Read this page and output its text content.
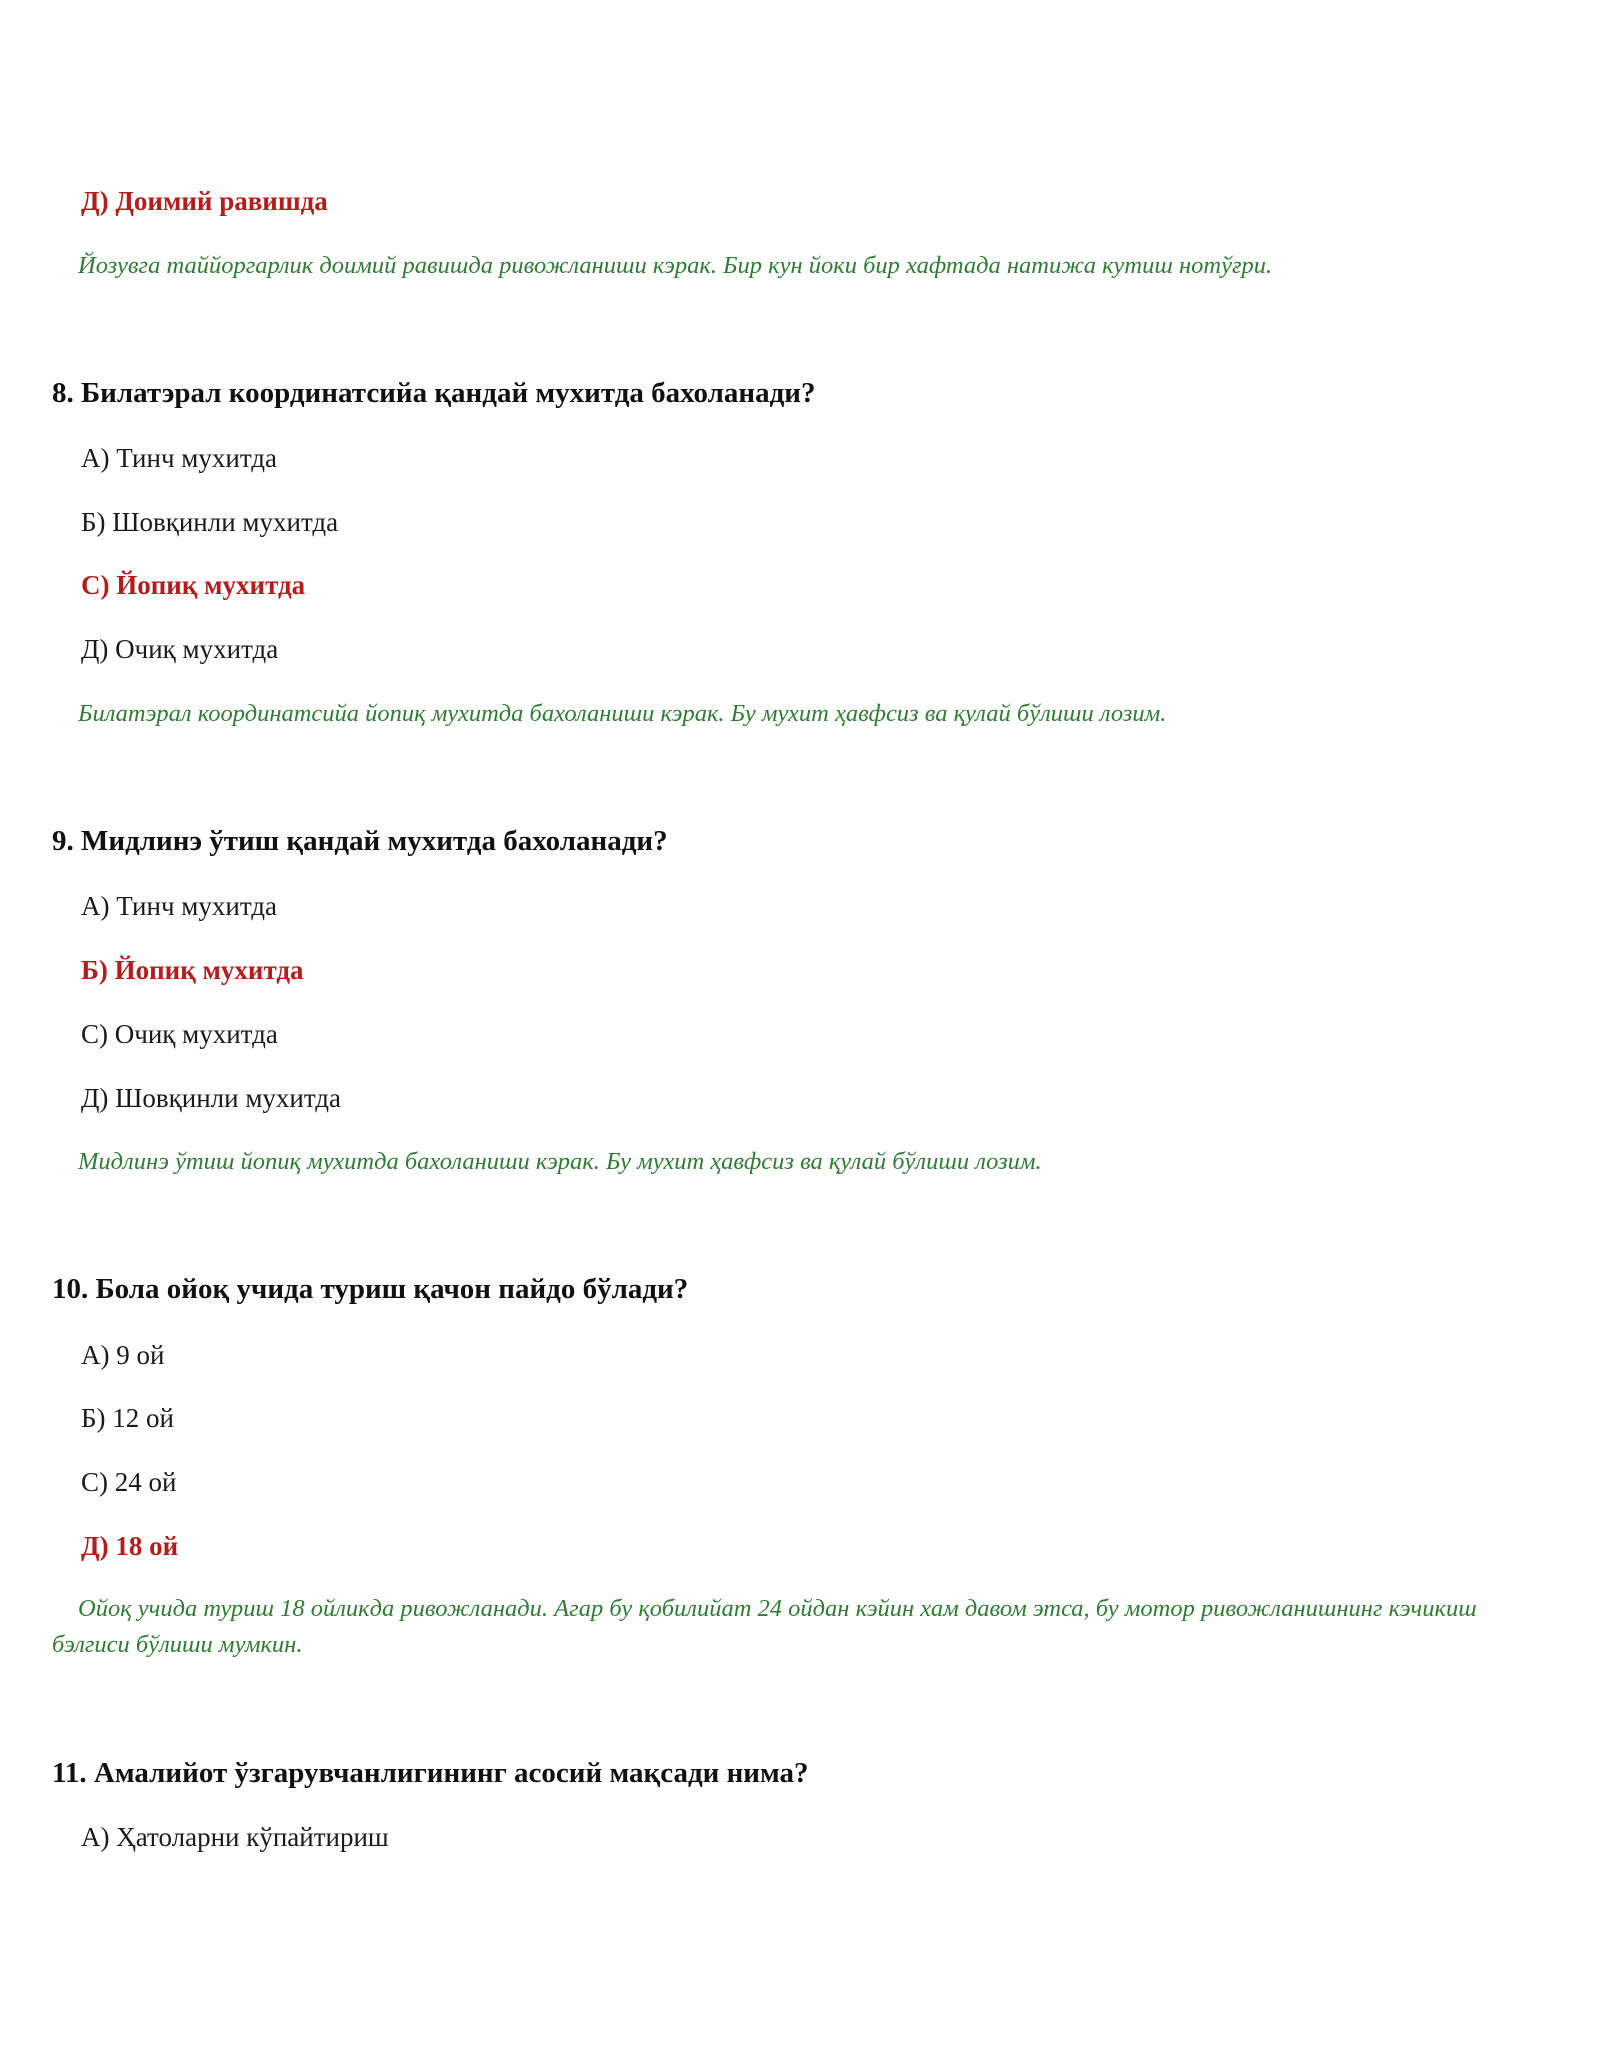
Д) Доимий равишда
Йозувга таййоргарлик доимий равишда ривожланиши кэрак. Бир кун йоки бир хафтада натижа кутиш нотўғри.
8. Билатэрал координатсийа қандай мухитда бахоланади?
А) Тинч мухитда
Б) Шовқинли мухитда
С) Йопиқ мухитда
Д) Очиқ мухитда
Билатэрал координатсийа йопиқ мухитда бахоланиши кэрак. Бу мухит ҳавфсиз ва қулай бўлиши лозим.
9. Мидлинэ ўтиш қандай мухитда бахоланади?
А) Тинч мухитда
Б) Йопиқ мухитда
С) Очиқ мухитда
Д) Шовқинли мухитда
Мидлинэ ўтиш йопиқ мухитда бахоланиши кэрак. Бу мухит ҳавфсиз ва қулай бўлиши лозим.
10. Бола ойоқ учида туриш қачон пайдо бўлади?
А) 9 ой
Б) 12 ой
С) 24 ой
Д) 18 ой
Ойоқ учида туриш 18 ойликда ривожланади. Агар бу қобилийат 24 ойдан кэйин хам давом этса, бу мотор ривожланишнинг кэчикиш бэлгиси бўлиши мумкин.
11. Амалийот ўзгарувчанлигининг асосий мақсади нима?
А) Ҳатоларни кўпайтириш
